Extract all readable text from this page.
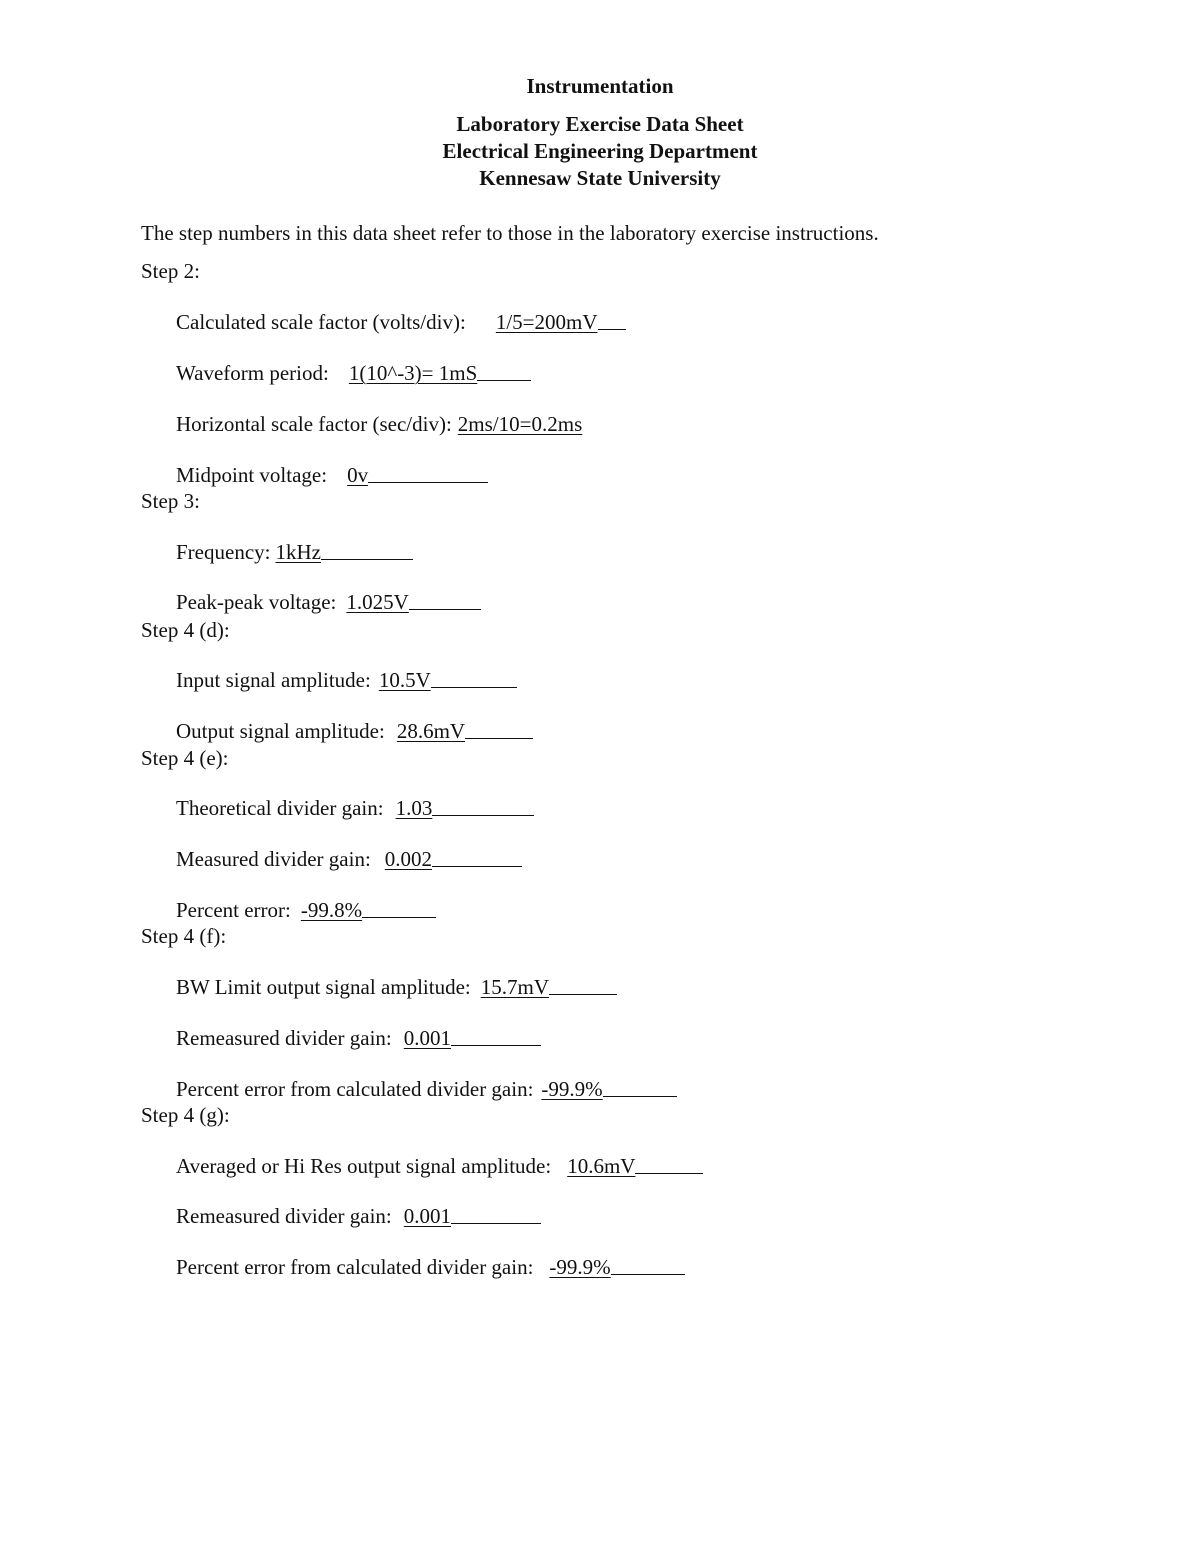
Instrumentation
Laboratory Exercise Data Sheet
Electrical Engineering Department
Kennesaw State University
The step numbers in this data sheet refer to those in the laboratory exercise instructions.
Step 2:
Calculated scale factor (volts/div): 1/5=200mV
Waveform period: 1(10^-3)= 1mS
Horizontal scale factor (sec/div): 2ms/10=0.2ms
Midpoint voltage: 0v
Step 3:
Frequency: 1kHz
Peak-peak voltage: 1.025V
Step 4 (d):
Input signal amplitude: 10.5V
Output signal amplitude: 28.6mV
Step 4 (e):
Theoretical divider gain: 1.03
Measured divider gain: 0.002
Percent error: -99.8%
Step 4 (f):
BW Limit output signal amplitude: 15.7mV
Remeasured divider gain: 0.001
Percent error from calculated divider gain: -99.9%
Step 4 (g):
Averaged or Hi Res output signal amplitude: 10.6mV
Remeasured divider gain: 0.001
Percent error from calculated divider gain: -99.9%
